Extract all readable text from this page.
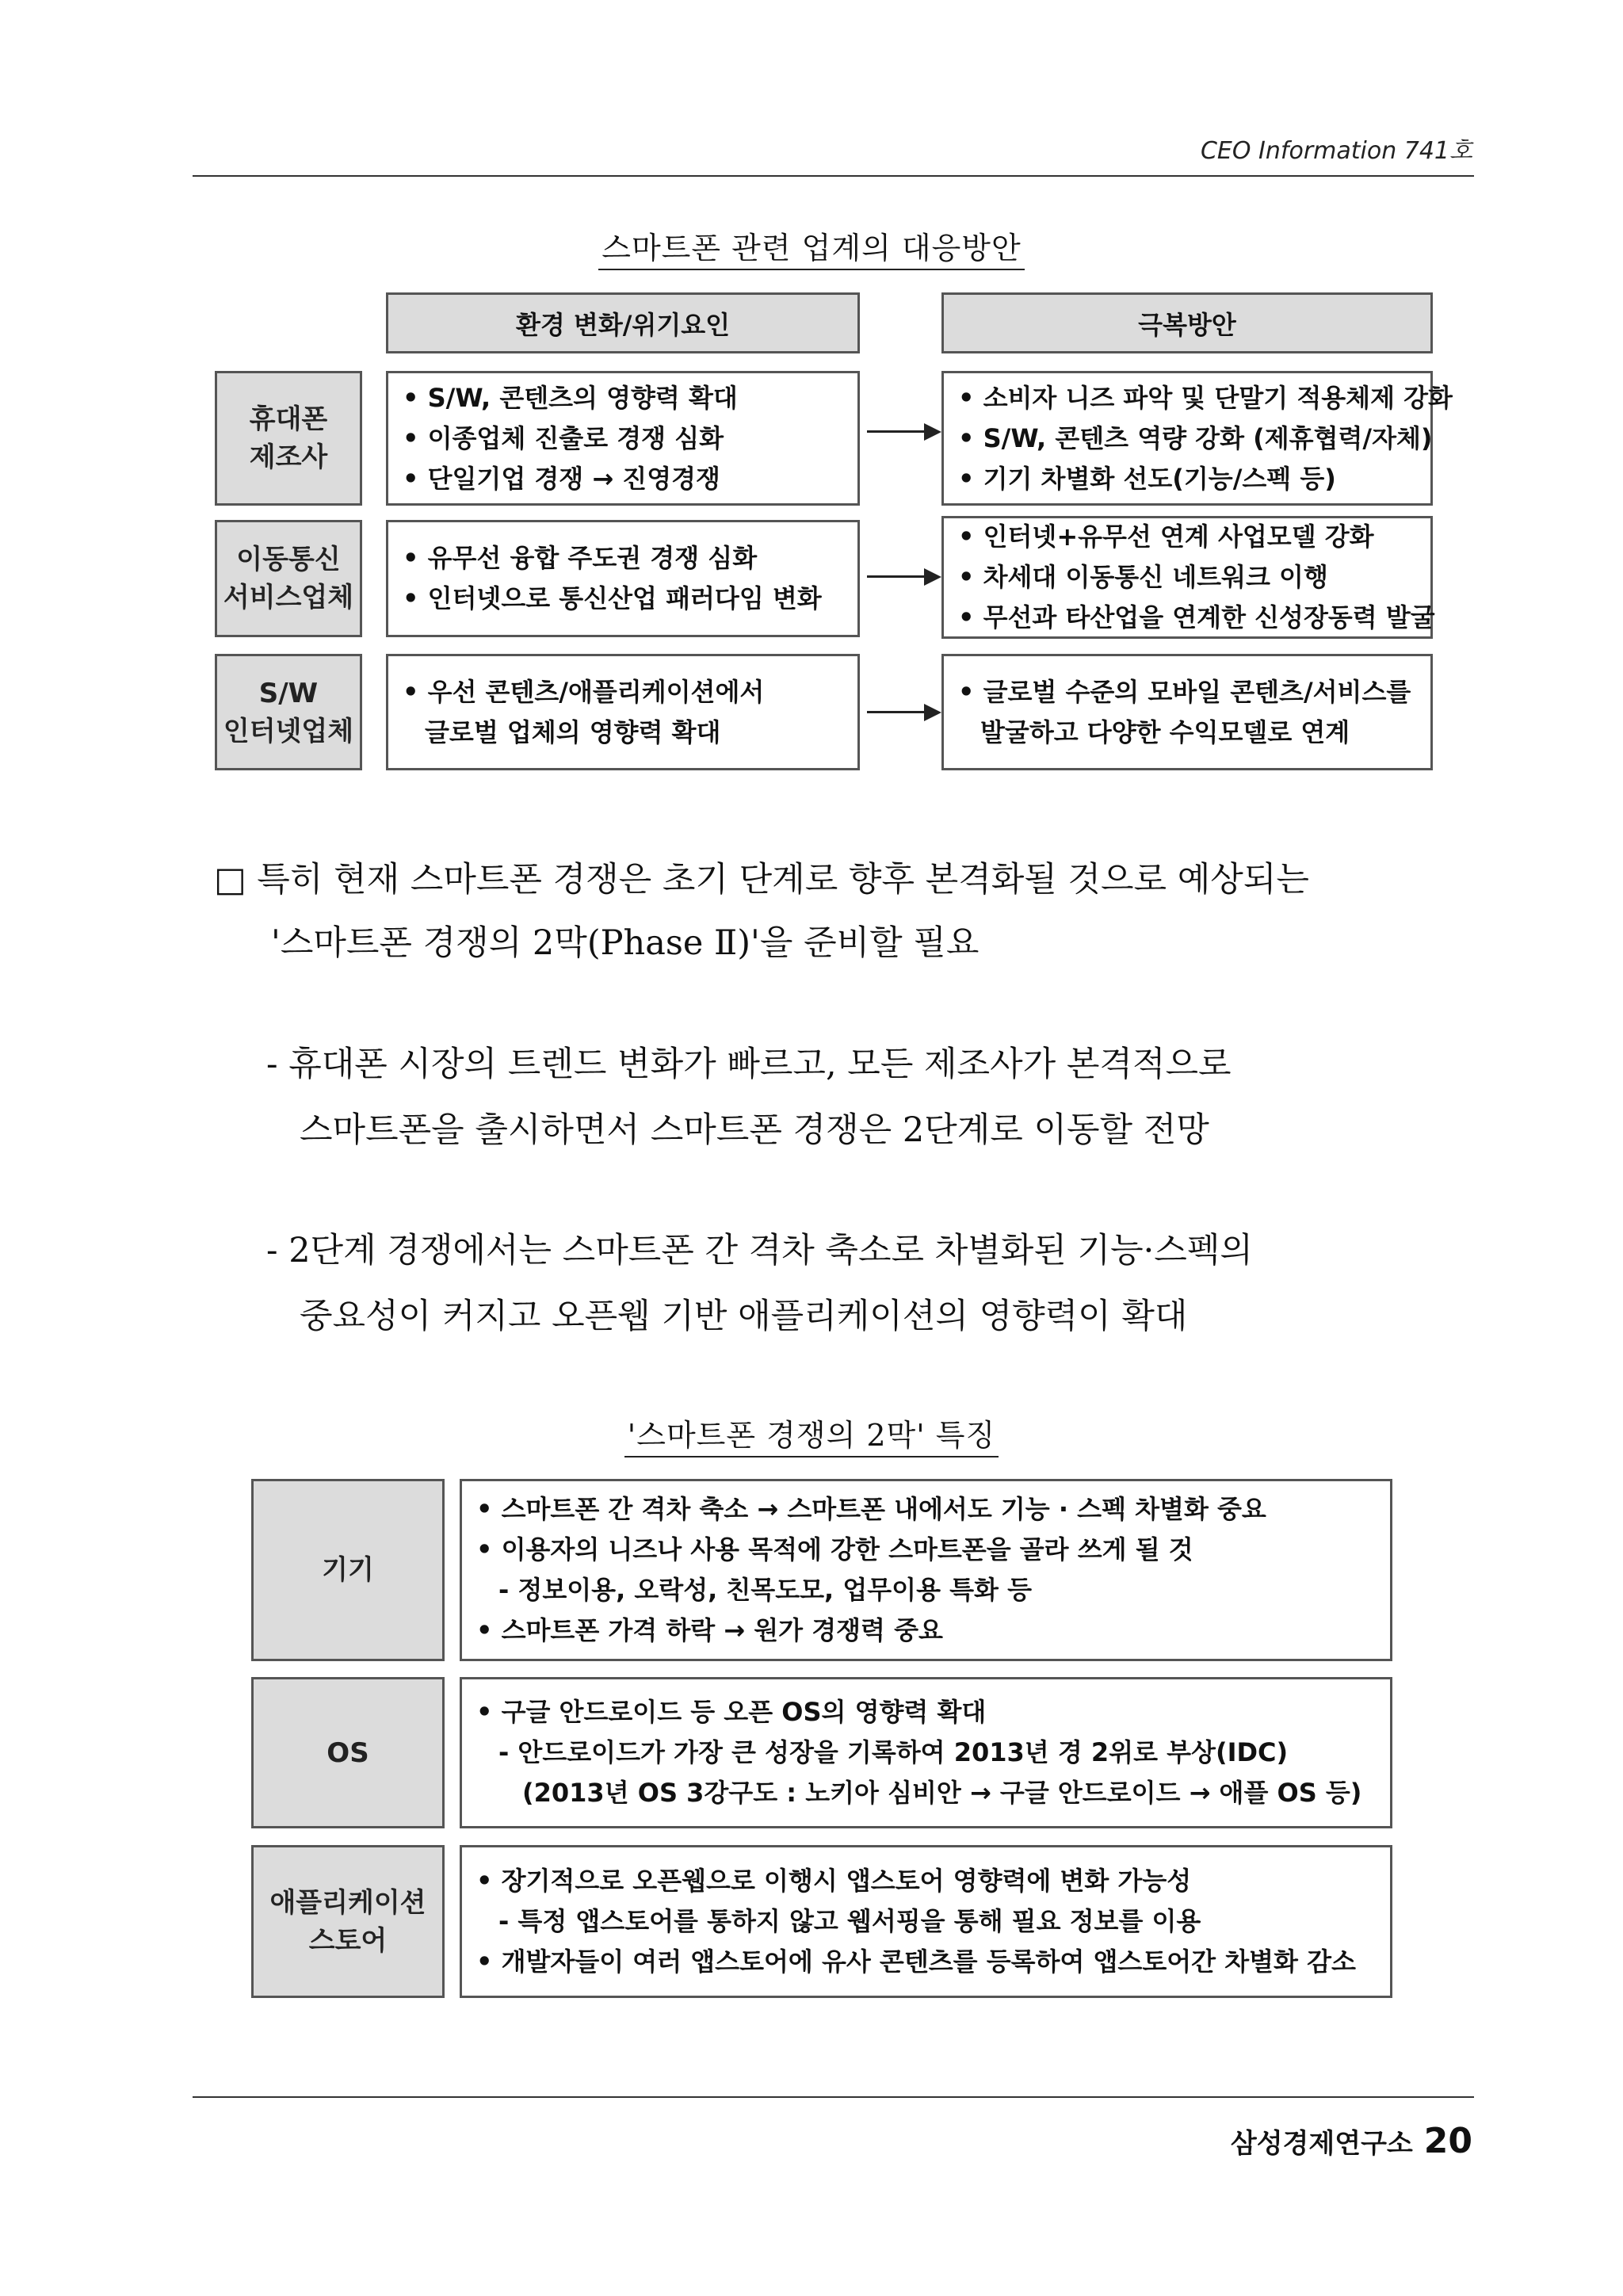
CEO Information 741호
스마트폰 관련 업계의 대응방안
환경 변화/위기요인	극복방안
휴대폰
제조사
• S/W, 콘텐츠의 영향력 확대
• 이종업체 진출로 경쟁 심화
• 단일기업 경쟁 → 진영경쟁
• 소비자 니즈 파악 및 단말기 적용체제 강화
• S/W, 콘텐츠 역량 강화 (제휴협력/자체)
• 기기 차별화 선도(기능/스펙 등)
이동통신
서비스업체
• 유무선 융합 주도권 경쟁 심화
• 인터넷으로 통신산업 패러다임 변화
• 인터넷+유무선 연계 사업모델 강화
• 차세대 이동통신 네트워크 이행
• 무선과 타산업을 연계한 신성장동력 발굴
S/W
인터넷업체
• 우선 콘텐츠/애플리케이션에서
글로벌 업체의 영향력 확대
• 글로벌 수준의 모바일 콘텐츠/서비스를
발굴하고 다양한 수익모델로 연계
□ 특히 현재 스마트폰 경쟁은 초기 단계로 향후 본격화될 것으로 예상되는
'스마트폰 경쟁의 2막(Phase Ⅱ)'을 준비할 필요
- 휴대폰 시장의 트렌드 변화가 빠르고, 모든 제조사가 본격적으로
스마트폰을 출시하면서 스마트폰 경쟁은 2단계로 이동할 전망
- 2단계 경쟁에서는 스마트폰 간 격차 축소로 차별화된 기능·스펙의
중요성이 커지고 오픈웹 기반 애플리케이션의 영향력이 확대
'스마트폰 경쟁의 2막' 특징
기기
• 스마트폰 간 격차 축소 → 스마트폰 내에서도 기능 · 스펙 차별화 중요
• 이용자의 니즈나 사용 목적에 강한 스마트폰을 골라 쓰게 될 것
- 정보이용, 오락성, 친목도모, 업무이용 특화 등
• 스마트폰 가격 하락 → 원가 경쟁력 중요
OS
• 구글 안드로이드 등 오픈 OS의 영향력 확대
- 안드로이드가 가장 큰 성장을 기록하여 2013년 경 2위로 부상(IDC)
(2013년 OS 3강구도 : 노키아 심비안 → 구글 안드로이드 → 애플 OS 등)
애플리케이션
스토어
• 장기적으로 오픈웹으로 이행시 앱스토어 영향력에 변화 가능성
- 특정 앱스토어를 통하지 않고 웹서핑을 통해 필요 정보를 이용
• 개발자들이 여러 앱스토어에 유사 콘텐츠를 등록하여 앱스토어간 차별화 감소
삼성경제연구소 20
